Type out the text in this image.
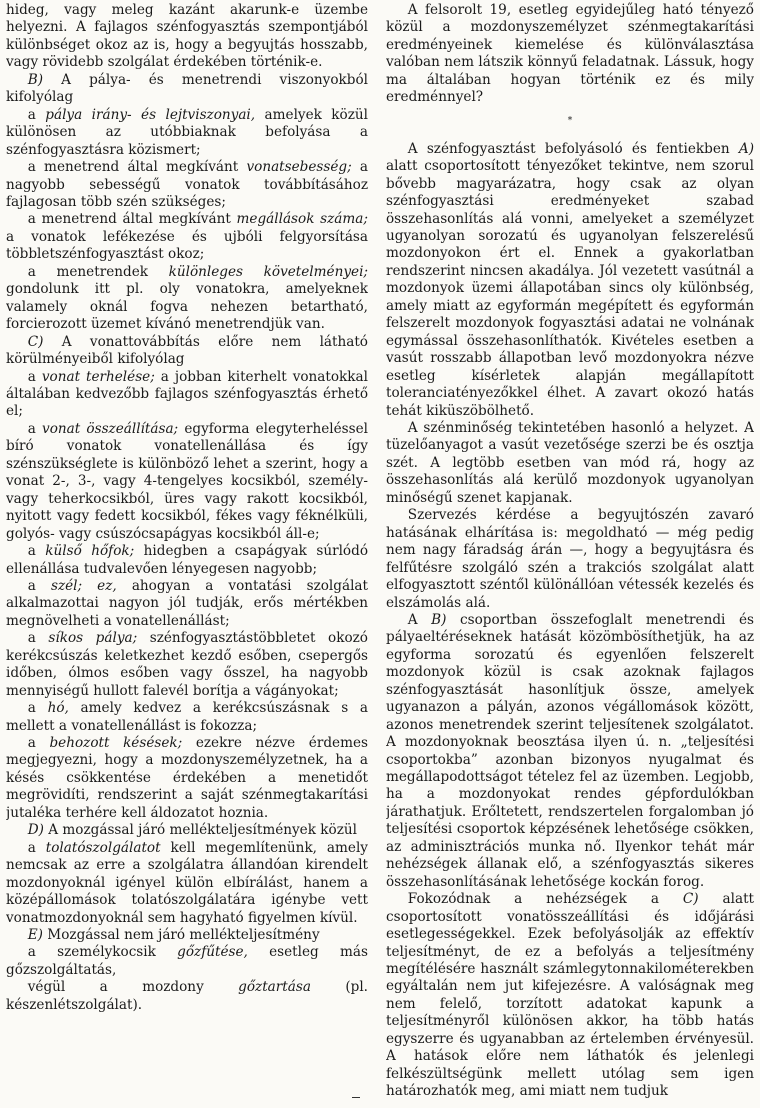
hideg, vagy meleg kazánt akarunk-e üzembe helyezni. A fajlagos szénfogyasztás szempontjából különbséget okoz az is, hogy a begyujtás hosszabb, vagy rövidebb szolgálat érdekében történik-e.

B) A pálya- és menetrendi viszonyokból kifolyólag

a pálya irány- és lejtviszonyai, amelyek közül különösen az utóbbiaknak befolyása a szénfogyasztásra közismert;

a menetrend által megkívánt vonatsebesség; a nagyobb sebességű vonatok továbbításához fajlagosan több szén szükséges;

a menetrend által megkívánt megállások száma; a vonatok lefékezése és ujbóli felgyorsítása többletszénfogyasztást okoz;

a menetrendek különleges követelményei; gondolunk itt pl. oly vonatokra, amelyeknek valamely oknál fogva nehezen betartható, forcierozott üzemet kívánó menetrendjük van.

C) A vonattovábbítás előre nem látható körülményeiből kifolyólag

a vonat terhelése; a jobban kiterhelt vonatokkal általában kedvezőbb fajlagos szénfogyasztás érhető el;

a vonat összeállítása; egyforma elegyterheléssel bíró vonatok vonatellenállása és így szénszükséglete is különböző lehet a szerint, hogy a vonat 2-, 3-, vagy 4-tengelyes kocsikból, személy- vagy teherkocsikból, üres vagy rakott kocsikból, nyitott vagy fedett kocsikból, fékes vagy féknélküli, golyós- vagy csúszócsapágyas kocsikból áll-e;

a külső hőfok; hidegben a csapágyak súrlódó ellenállása tudvalevően lényegesen nagyobb;

a szél; ez, ahogyan a vontatási szolgálat alkalmazottai nagyon jól tudják, erős mértékben megnövelheti a vonatellenállást;

a síkos pálya; szénfogyasztástöbbletet okozó kerékcsúszás keletkezhet kezdő esőben, csepergős időben, ólmos esőben vagy ősszel, ha nagyobb mennyiségű hullott falevél borítja a vágányokat;

a hó, amely kedvez a kerékcsúszásnak s a mellett a vonatellenállást is fokozza;

a behozott késések; ezekre nézve érdemes megjegyezni, hogy a mozdonyszemélyzetnek, ha a késés csökkentése érdekében a menetidőt megrövidíti, rendszerint a saját szénmegtakarítási jutaléka terhére kell áldozatot hoznia.

D) A mozgással járó mellékteljesítmények közül

a tolatószolgálatot kell megemlítenünk, amely nemcsak az erre a szolgálatra állandóan kirendelt mozdonyoknál igényel külön elbírálást, hanem a középállomások tolatószolgálatára igénybe vett vonatmozdonyoknál sem hagyható figyelmen kívül.

E) Mozgással nem járó mellékteljesítmény

a személykocsik gőzfűtése, esetleg más gőzszolgáltatás,

végül a mozdony gőztartása (pl. készenlétszolgálat).

A felsorolt 19, esetleg egyidejűleg ható tényező közül a mozdonyszemélyzet szénmegtakarítási eredményeinek kiemelése és különválasztása valóban nem látszik könnyű feladatnak. Lássuk, hogy ma általában hogyan történik ez és mily eredménnyel?

*

A szénfogyasztást befolyásoló és fentiekben A) alatt csoportosított tényezőket tekintve, nem szorul bővebb magyarázatra, hogy csak az olyan szénfogyasztási eredményeket szabad összehasonlítás alá vonni, amelyeket a személyzet ugyanolyan sorozatú és ugyanolyan felszerelésű mozdonyokon ért el. Ennek a gyakorlatban rendszerint nincsen akadálya. Jól vezetett vasútnál a mozdonyok üzemi állapotában sincs oly különbség, amely miatt az egyformán megépített és egyformán felszerelt mozdonyok fogyasztási adatai ne volnának egymással összehasonlíthatók. Kivételes esetben a vasút rosszabb állapotban levő mozdonyokra nézve esetleg kísérletek alapján megállapított toleranciatényezőkkel élhet. A zavart okozó hatás tehát kiküszöbölhető.

A szénminőség tekintetében hasonló a helyzet. A tüzelőanyagot a vasút vezetősége szerzi be és osztja szét. A legtöbb esetben van mód rá, hogy az összehasonlítás alá kerülő mozdonyok ugyanolyan minőségű szenet kapjanak.

Szervezés kérdése a begyujtószén zavaró hatásának elhárítása is: megoldható — még pedig nem nagy fáradság árán —, hogy a begyujtásra és felfűtésre szolgáló szén a trakciós szolgálat alatt elfogyasztott széntől különállóan vétessék kezelés és elszámolás alá.

A B) csoportban összefoglalt menetrendi és pályaeltéréseknek hatását közömbösíthetjük, ha az egyforma sorozatú és egyenlően felszerelt mozdonyok közül is csak azoknak fajlagos szénfogyasztását hasonlítjuk össze, amelyek ugyanazon a pályán, azonos végállomások között, azonos menetrendek szerint teljesítenek szolgálatot. A mozdonyoknak beosztása ilyen ú. n. „teljesítési csoportokba” azonban bizonyos nyugalmat és megállapodottságot tételez fel az üzemben. Legjobb, ha a mozdonyokat rendes gépfordulókban járathatjuk. Erőltetett, rendszertelen forgalomban jó teljesítési csoportok képzésének lehetősége csökken, az adminisztrációs munka nő. Ilyenkor tehát már nehézségek állanak elő, a szénfogyasztás sikeres összehasonlításának lehetősége kockán forog.

Fokozódnak a nehézségek a C) alatt csoportosított vonatösszeállítási és időjárási esetlegességekkel. Ezek befolyásolják az effektív teljesítményt, de ez a befolyás a teljesítmény megítélésére használt számlegytonnakilométerekben egyáltalán nem jut kifejezésre. A valóságnak meg nem felelő, torzított adatokat kapunk a teljesítményről különösen akkor, ha több hatás egyszerre és ugyanabban az értelemben érvényesül. A hatások előre nem láthatók és jelenlegi felkészültségünk mellett utólag sem igen határozhatók meg, ami miatt nem tudjuk
